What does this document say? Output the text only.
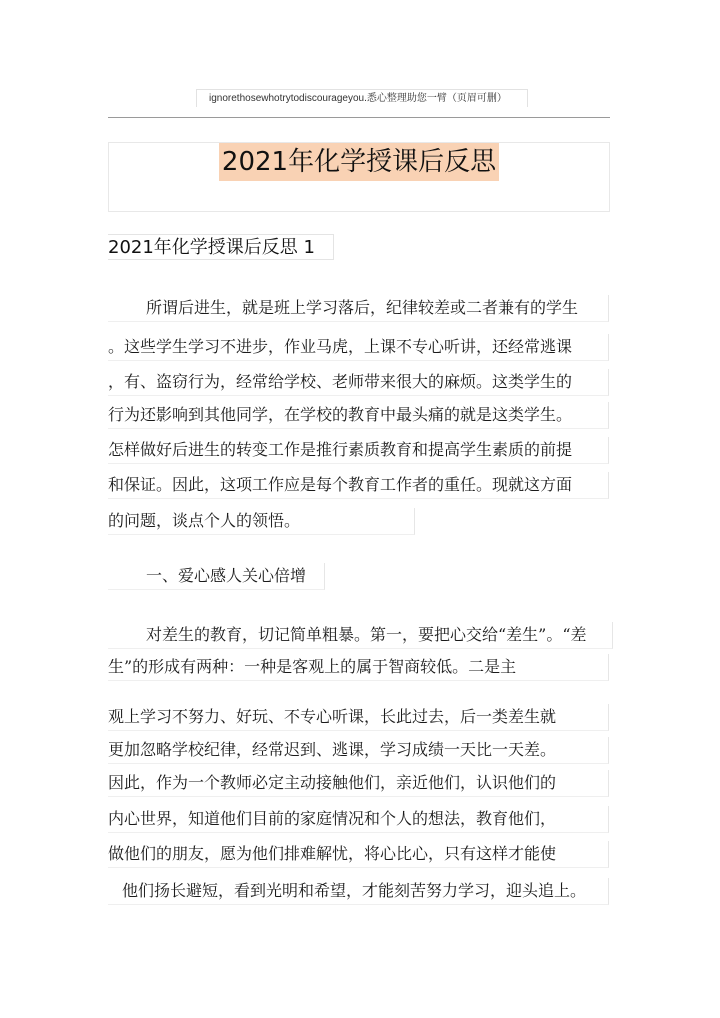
ignorethosewhotrytodiscourageyou.悉心整理助您一臂（页眉可删）
2021年化学授课后反思
2021年化学授课后反思 1
所谓后进生，就是班上学习落后，纪律较差或二者兼有的学生
。这些学生学习不进步，作业马虎，上课不专心听讲，还经常逃课
，有、盗窃行为，经常给学校、老师带来很大的麻烦。这类学生的
行为还影响到其他同学，在学校的教育中最头痛的就是这类学生。
怎样做好后进生的转变工作是推行素质教育和提高学生素质的前提
和保证。因此，这项工作应是每个教育工作者的重任。现就这方面
的问题，谈点个人的领悟。
一、爱心感人关心倍增
对差生的教育，切记简单粗暴。第一，要把心交给“差生”。“差
生”的形成有两种：一种是客观上的属于智商较低。二是主
观上学习不努力、好玩、不专心听课，长此过去，后一类差生就
更加忽略学校纪律，经常迟到、逃课，学习成绩一天比一天差。
因此，作为一个教师必定主动接触他们，亲近他们，认识他们的
内心世界，知道他们目前的家庭情况和个人的想法，教育他们，
做他们的朋友，愿为他们排难解忧，将心比心，只有这样才能使
他们扬长避短，看到光明和希望，才能刻苦努力学习，迎头追上。
